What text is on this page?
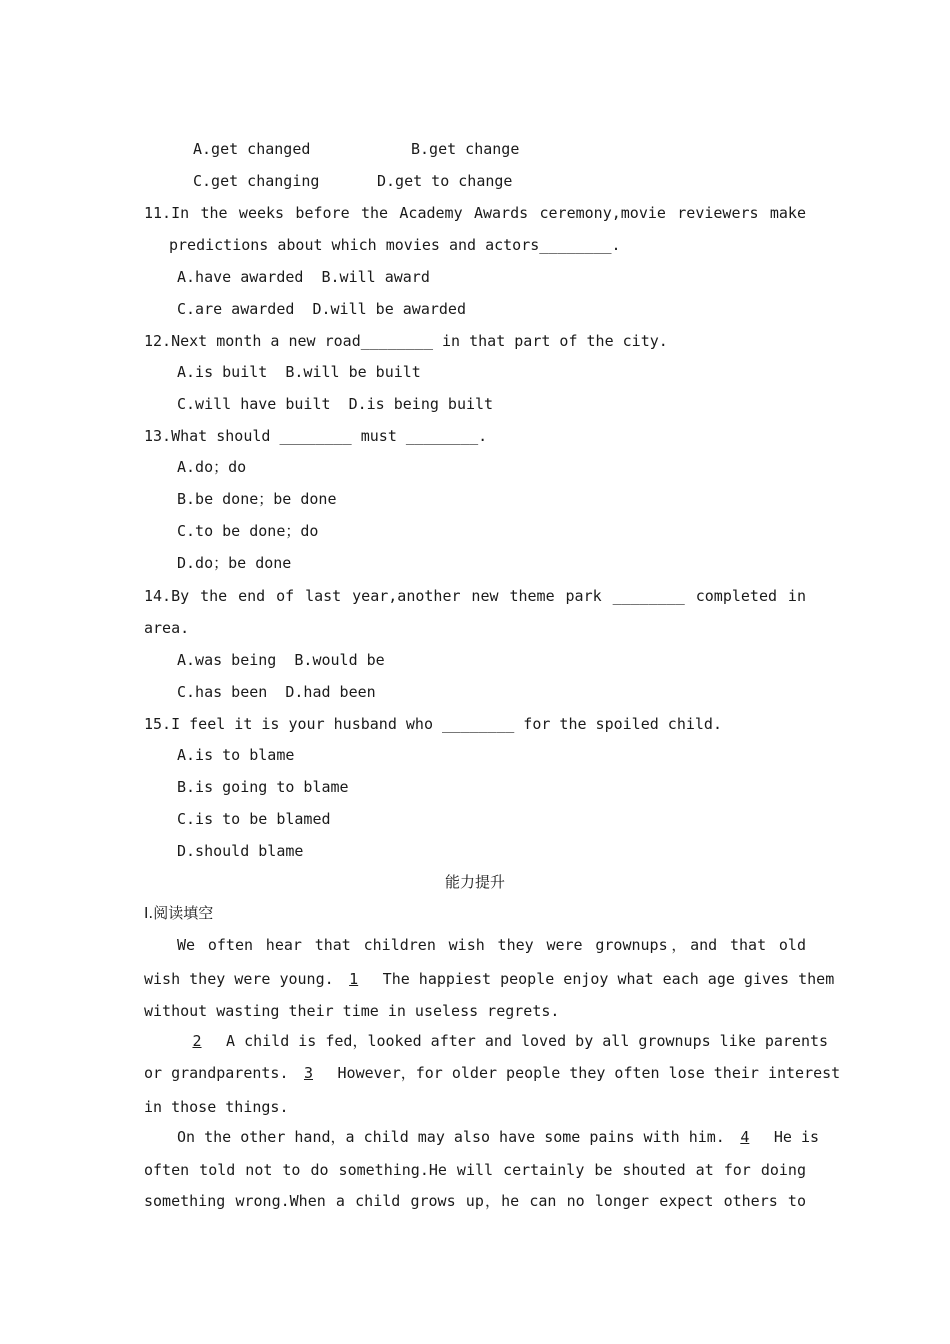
A.get changed	B.get change
C.get changing	D.get to change
11.In the weeks before the Academy Awards ceremony,movie reviewers make
predictions about which movies and actors________.
A.have awarded  B.will award
C.are awarded  D.will be awarded
12.Next month a new road________ in that part of the city.
A.is built  B.will be built
C.will have built  D.is being built
13.What should ________ must ________.
A.do；do
B.be done；be done
C.to be done；do
D.do；be done
14.By the end of last year,another new theme park ________ completed in
area.
A.was being  B.would be
C.has been  D.had been
15.I feel it is your husband who ________ for the spoiled child.
A.is to blame
B.is going to blame
C.is to be blamed
D.should blame
能力提升
Ⅰ.阅读填空
We often hear that children wish they were grownups，and that old
wish they were young. 1 The happiest people enjoy what each age gives them
without wasting their time in useless regrets.
2 A child is fed，looked after and loved by all grownups like parents
or grandparents. 3 However，for older people they often lose their interest
in those things.
On the other hand，a child may also have some pains with him. 4 He is
often told not to do something.He will certainly be shouted at for doing
something wrong.When a child grows up，he can no longer expect others to
